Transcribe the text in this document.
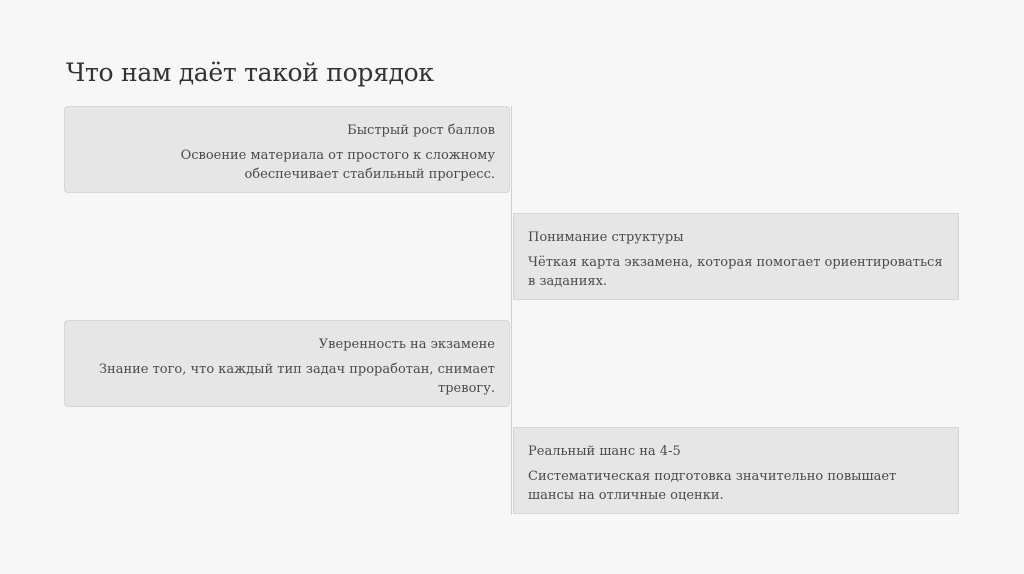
Что нам даёт такой порядок
Быстрый рост баллов

Освоение материала от простого к сложному обеспечивает стабильный прогресс.

Понимание структуры

Чёткая карта экзамена, которая помогает ориентироваться в заданиях.

Уверенность на экзамене

Знание того, что каждый тип задач проработан, снимает тревогу.

Реальный шанс на 4-5

Систематическая подготовка значительно повышает шансы на отличные оценки.
